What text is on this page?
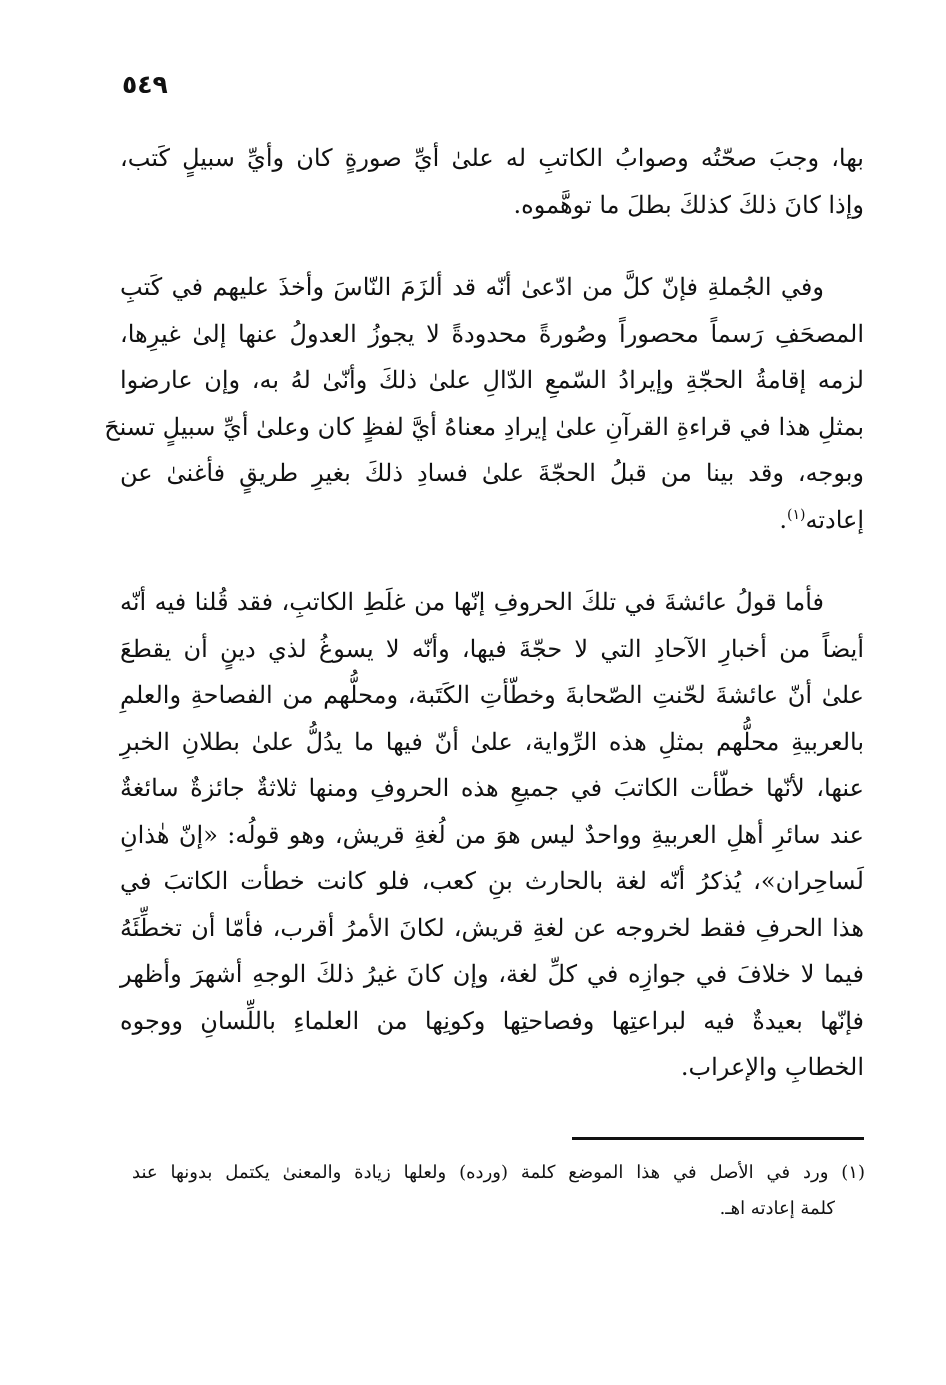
٥٤٩

بها، وجبَ صحّتُه وصوابُ الكاتبِ له علىٰ أيِّ صورةٍ كان وأيِّ سبيلٍ كَتب،
وإذا كانَ ذلكَ كذلكَ بطلَ ما توهَّموه.

وفي الجُملةِ فإنّ كلَّ من ادّعىٰ أنّه قد ألزَمَ النّاسَ وأخذَ عليهم في كَتبِ
المصحَفِ رَسماً محصوراً وصُورةً محدودةً لا يجوزُ العدولُ عنها إلىٰ غيرِها،
لزمه إقامةُ الحجّةِ وإيرادُ السّمعِ الدّالِ علىٰ ذلكَ وأنّىٰ لهُ به، وإن عارضوا
بمثلِ هذا في قراءةِ القرآنِ علىٰ إيرادِ معناهُ أيَّ لفظٍ كان وعلىٰ أيِّ سبيلٍ تسنحَ
وبوجه، وقد بينا من قبلُ الحجّةَ علىٰ فسادِ ذلكَ بغيرِ طريقٍ فأغنىٰ عن
إعادته$^{(١)}$.

فأما قولُ عائشةَ في تلكَ الحروفِ إنّها من غلَطِ الكاتبِ، فقد قُلنا فيه أنّه
أيضاً من أخبارِ الآحادِ التي لا حجّةَ فيها، وأنّه لا يسوغُ لذي دينٍ أن يقطعَ
علىٰ أنّ عائشةَ لحّنتِ الصّحابةَ وخطّأتِ الكَتَبة، ومحلُّهم من الفصاحةِ والعلمِ
بالعربيةِ محلُّهم بمثلِ هذه الرِّواية، علىٰ أنّ فيها ما يدُلُّ علىٰ بطلانِ الخبرِ
عنها، لأنّها خطّأت الكاتبَ في جميعِ هذه الحروفِ ومنها ثلاثةٌ جائزةٌ سائغةٌ
عند سائرِ أهلِ العربيةِ وواحدٌ ليس هوَ من لُغةِ قريش، وهو قولُه: «إنّ هٰذانِ
لَساحِران»، يُذكرُ أنّه لغة بالحارث بنِ كعب، فلو كانت خطأت الكاتبَ في
هذا الحرفِ فقط لخروجه عن لغةِ قريش، لكانَ الأمرُ أقرب، فأمّا أن تخطِّئَهُ
فيما لا خلافَ في جوازِه في كلِّ لغة، وإن كانَ غيرُ ذلكَ الوجهِ أشهرَ وأظهر
فإنّها بعيدةٌ فيه لبراعتِها وفصاحتِها وكونِها من العلماءِ باللِّسانِ ووجوه
الخطابِ والإعراب.

(١) ورد في الأصل في هذا الموضع كلمة (ورده) ولعلها زيادة والمعنىٰ يكتمل بدونها عند
كلمة إعادته اهـ.
